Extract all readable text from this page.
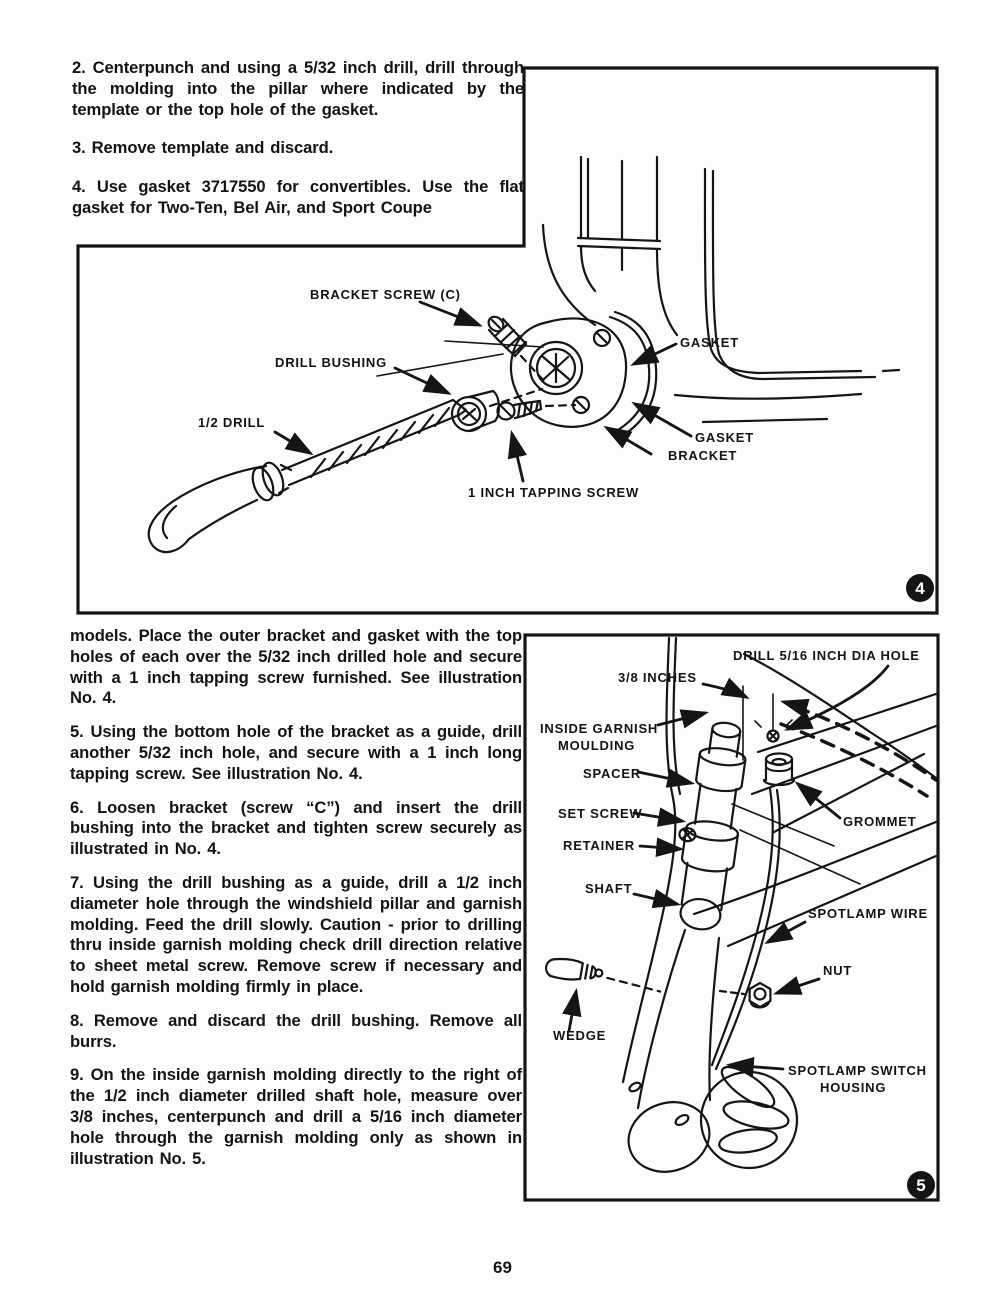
2. Centerpunch and using a 5/32 inch drill, drill through the molding into the pillar where indicated by the template or the top hole of the gasket.

3. Remove template and discard.

4. Use gasket 3717550 for convertibles. Use the flat gasket for Two-Ten, Bel Air, and Sport Coupe

BRACKET SCREW (C)
DRILL BUSHING
1/2 DRILL
1 INCH TAPPING SCREW
GASKET
GASKET
BRACKET
4

models. Place the outer bracket and gasket with the top holes of each over the 5/32 inch drilled hole and secure with a 1 inch tapping screw furnished. See illustration No. 4.

5. Using the bottom hole of the bracket as a guide, drill another 5/32 inch hole, and secure with a 1 inch long tapping screw. See illustration No. 4.

6. Loosen bracket (screw “C”) and insert the drill bushing into the bracket and tighten screw securely as illustrated in No. 4.

7. Using the drill bushing as a guide, drill a 1/2 inch diameter hole through the windshield pillar and garnish molding. Feed the drill slowly. Caution - prior to drilling thru inside garnish molding check drill direction relative to sheet metal screw. Remove screw if necessary and hold garnish molding firmly in place.

8. Remove and discard the drill bushing. Remove all burrs.

9. On the inside garnish molding directly to the right of the 1/2 inch diameter drilled shaft hole, measure over 3/8 inches, centerpunch and drill a 5/16 inch diameter hole through the garnish molding only as shown in illustration No. 5.

DRILL 5/16 INCH DIA HOLE
3/8 INCHES
INSIDE GARNISH
MOULDING
SPACER
SET SCREW
RETAINER
SHAFT
GROMMET
SPOTLAMP WIRE
NUT
WEDGE
SPOTLAMP SWITCH
HOUSING
5
69
